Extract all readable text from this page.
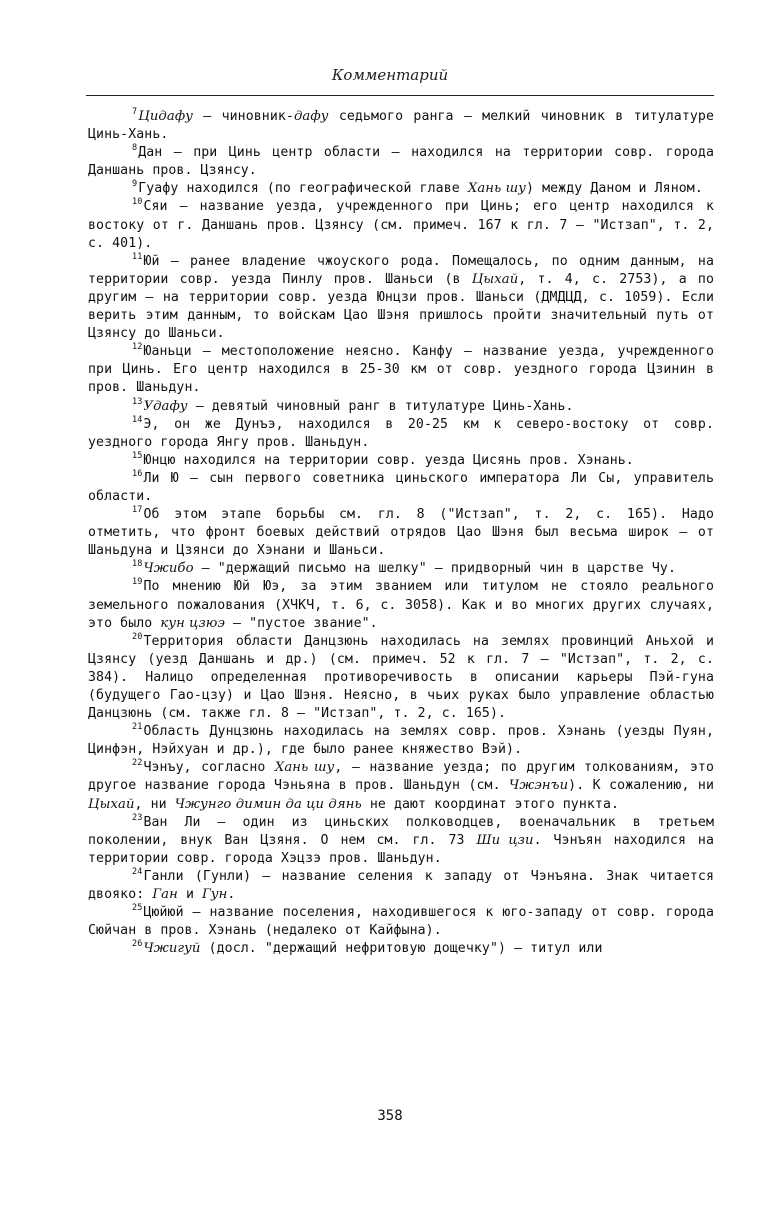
Комментарий

$^7$Цидафу — чиновник-дафу седьмого ранга — мелкий чиновник в титулатуре Цинь-Хань.

$^8$Дан — при Цинь центр области — находился на территории совр. города Даншань пров. Цзянсу.

$^9$Гуафу находился (по географической главе Хань шу) между Даном и Ляном.

$^{10}$Сяи — название уезда, учрежденного при Цинь; его центр находился к востоку от г. Даншань пров. Цзянсу (см. примеч. 167 к гл. 7 — "Истзап", т. 2, с. 401).

$^{11}$Юй — ранее владение чжоуского рода. Помещалось, по одним данным, на территории совр. уезда Пинлу пров. Шаньси (в Цыхай, т. 4, с. 2753), а по другим — на территории совр. уезда Юнцзи пров. Шаньси (ДМДЦД, с. 1059). Если верить этим данным, то войскам Цао Шэня пришлось пройти значительный путь от Цзянсу до Шаньси.

$^{12}$Юаньци — местоположение неясно. Канфу — название уезда, учрежденного при Цинь. Его центр находился в 25-30 км от совр. уездного города Цзинин в пров. Шаньдун.

$^{13}$Удафу — девятый чиновный ранг в титулатуре Цинь-Хань.

$^{14}$Э, он же Дунъэ, находился в 20-25 км к северо-востоку от совр. уездного города Янгу пров. Шаньдун.

$^{15}$Юнцю находился на территории совр. уезда Цисянь пров. Хэнань.

$^{16}$Ли Ю — сын первого советника циньского императора Ли Сы, управитель области.

$^{17}$Об этом этапе борьбы см. гл. 8 ("Истзап", т. 2, с. 165). Надо отметить, что фронт боевых действий отрядов Цао Шэня был весьма широк — от Шаньдуна и Цзянси до Хэнани и Шаньси.

$^{18}$Чжибо — "держащий письмо на шелку" — придворный чин в царстве Чу.

$^{19}$По мнению Юй Юэ, за этим званием или титулом не стояло реального земельного пожалования (ХЧКЧ, т. 6, с. 3058). Как и во многих других случаях, это было кун цзюэ — "пустое звание".

$^{20}$Территория области Данцзюнь находилась на землях провинций Аньхой и Цзянсу (уезд Даншань и др.) (см. примеч. 52 к гл. 7 — "Истзап", т. 2, с. 384). Налицо определенная противоречивость в описании карьеры Пэй-гуна (будущего Гао-цзу) и Цао Шэня. Неясно, в чьих руках было управление областью Данцзюнь (см. также гл. 8 — "Истзап", т. 2, с. 165).

$^{21}$Область Дунцзюнь находилась на землях совр. пров. Хэнань (уезды Пуян, Цинфэн, Нэйхуан и др.), где было ранее княжество Вэй).

$^{22}$Чэнъу, согласно Хань шу, — название уезда; по другим толкованиям, это другое название города Чэньяна в пров. Шаньдун (см. Чжэнъи). К сожалению, ни Цыхай, ни Чжунго димин да ци дянь не дают координат этого пункта.

$^{23}$Ван Ли — один из циньских полководцев, военачальник в третьем поколении, внук Ван Цзяня. О нем см. гл. 73 Ши цзи. Чэнъян находился на территории совр. города Хэцзэ пров. Шаньдун.

$^{24}$Ганли (Гунли) — название селения к западу от Чэнъяна. Знак читается двояко: Ган и Гун.

$^{25}$Цюйюй — название поселения, находившегося к юго-западу от совр. города Сюйчан в пров. Хэнань (недалеко от Кайфына).

$^{26}$Чжигуй (досл. "держащий нефритовую дощечку") — титул или

358
